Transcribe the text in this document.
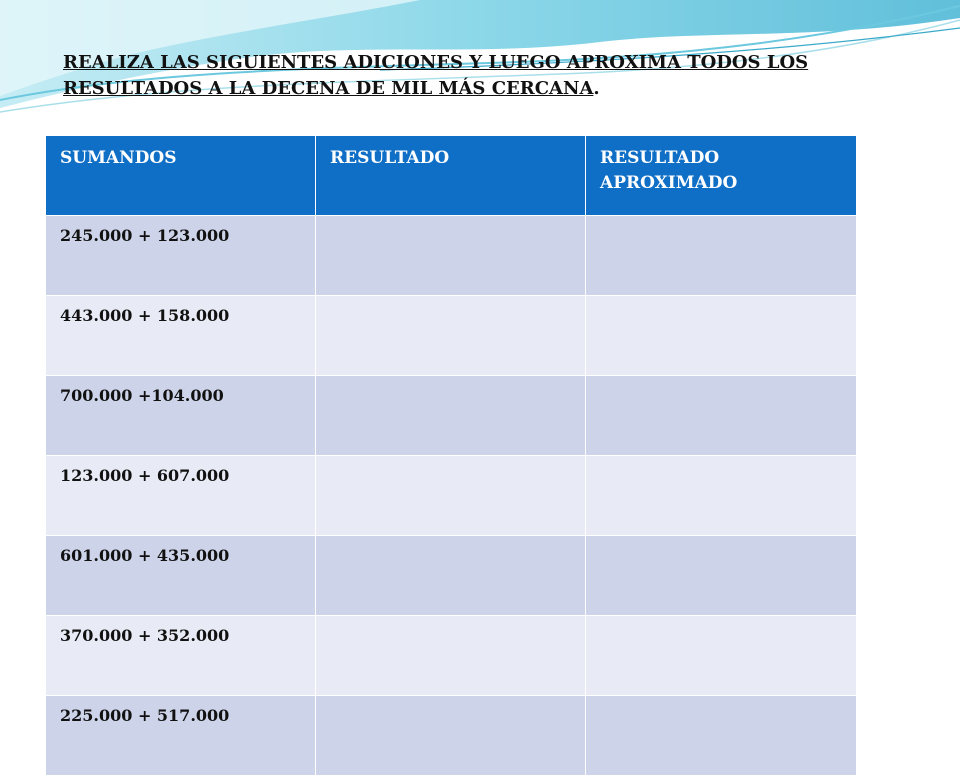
REALIZA LAS SIGUIENTES ADICIONES Y LUEGO APROXIMA TODOS LOS RESULTADOS A LA DECENA DE MIL MÁS CERCANA.
SUMANDOS	RESULTADO	RESULTADO APROXIMADO
245.000 + 123.000		
443.000 + 158.000		
700.000 +104.000		
123.000 + 607.000		
601.000 + 435.000		
370.000 + 352.000		
225.000 + 517.000		
